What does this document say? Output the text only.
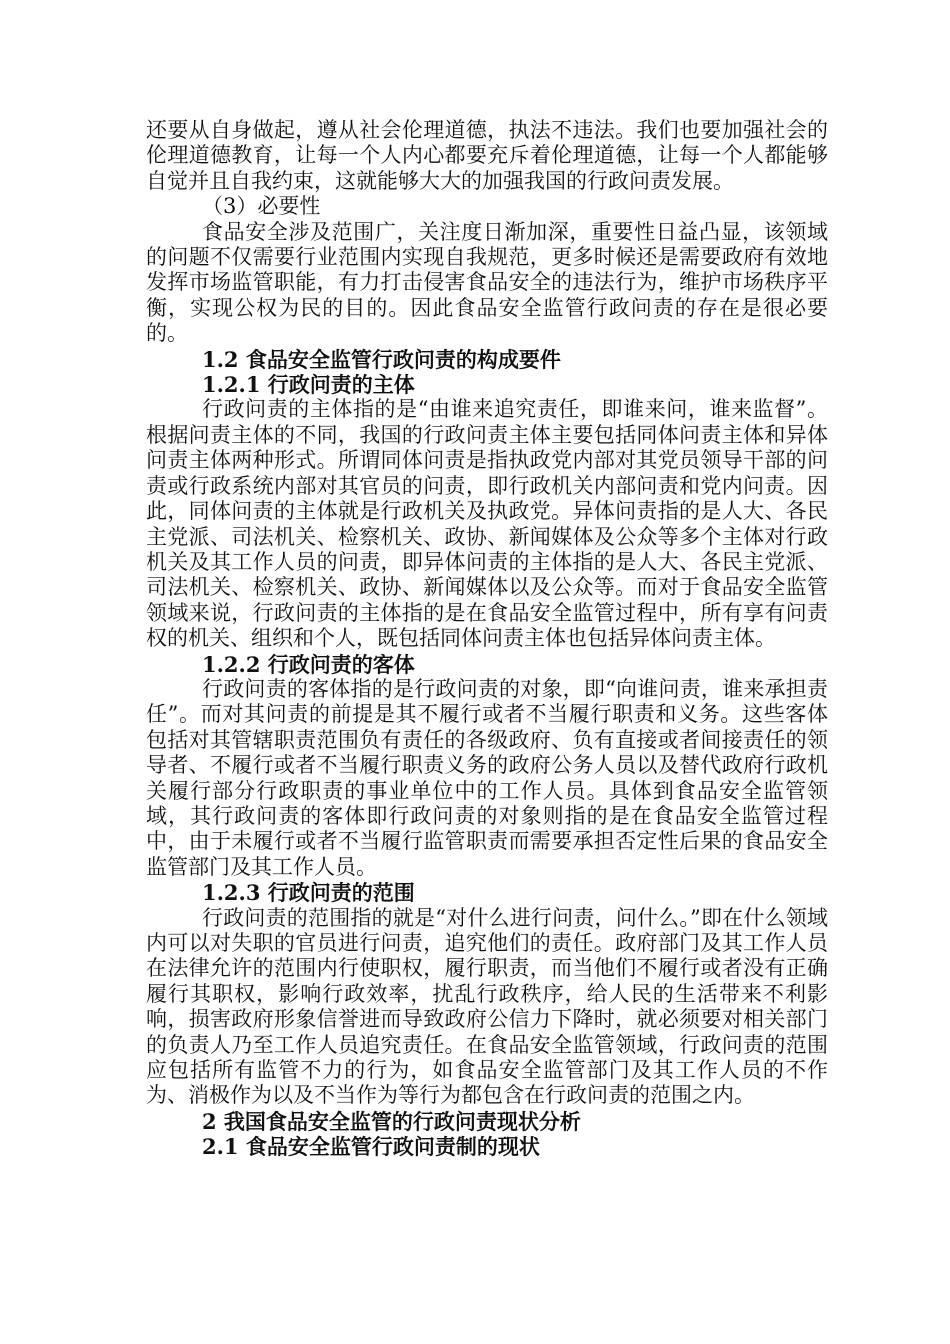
还要从自身做起，遵从社会伦理道德，执法不违法。我们也要加强社会的伦理道德教育，让每一个人内心都要充斥着伦理道德，让每一个人都能够自觉并且自我约束，这就能够大大的加强我国的行政问责发展。

（3）必要性

食品安全涉及范围广，关注度日渐加深，重要性日益凸显，该领域的问题不仅需要行业范围内实现自我规范，更多时候还是需要政府有效地发挥市场监管职能，有力打击侵害食品安全的违法行为，维护市场秩序平衡，实现公权为民的目的。因此食品安全监管行政问责的存在是很必要的。

1.2 食品安全监管行政问责的构成要件

1.2.1 行政问责的主体

行政问责的主体指的是“由谁来追究责任，即谁来问，谁来监督”。根据问责主体的不同，我国的行政问责主体主要包括同体问责主体和异体问责主体两种形式。所谓同体问责是指执政党内部对其党员领导干部的问责或行政系统内部对其官员的问责，即行政机关内部问责和党内问责。因此，同体问责的主体就是行政机关及执政党。异体问责指的是人大、各民主党派、司法机关、检察机关、政协、新闻媒体及公众等多个主体对行政机关及其工作人员的问责，即异体问责的主体指的是人大、各民主党派、司法机关、检察机关、政协、新闻媒体以及公众等。而对于食品安全监管领域来说，行政问责的主体指的是在食品安全监管过程中，所有享有问责权的机关、组织和个人，既包括同体问责主体也包括异体问责主体。

1.2.2 行政问责的客体

行政问责的客体指的是行政问责的对象，即“向谁问责，谁来承担责任”。而对其问责的前提是其不履行或者不当履行职责和义务。这些客体包括对其管辖职责范围负有责任的各级政府、负有直接或者间接责任的领导者、不履行或者不当履行职责义务的政府公务人员以及替代政府行政机关履行部分行政职责的事业单位中的工作人员。具体到食品安全监管领域，其行政问责的客体即行政问责的对象则指的是在食品安全监管过程中，由于未履行或者不当履行监管职责而需要承担否定性后果的食品安全监管部门及其工作人员。

1.2.3 行政问责的范围

行政问责的范围指的就是“对什么进行问责，问什么。”即在什么领域内可以对失职的官员进行问责，追究他们的责任。政府部门及其工作人员在法律允许的范围内行使职权，履行职责，而当他们不履行或者没有正确履行其职权，影响行政效率，扰乱行政秩序，给人民的生活带来不利影响，损害政府形象信誉进而导致政府公信力下降时，就必须要对相关部门的负责人乃至工作人员追究责任。在食品安全监管领域，行政问责的范围应包括所有监管不力的行为，如食品安全监管部门及其工作人员的不作为、消极作为以及不当作为等行为都包含在行政问责的范围之内。

2 我国食品安全监管的行政问责现状分析

2.1 食品安全监管行政问责制的现状
